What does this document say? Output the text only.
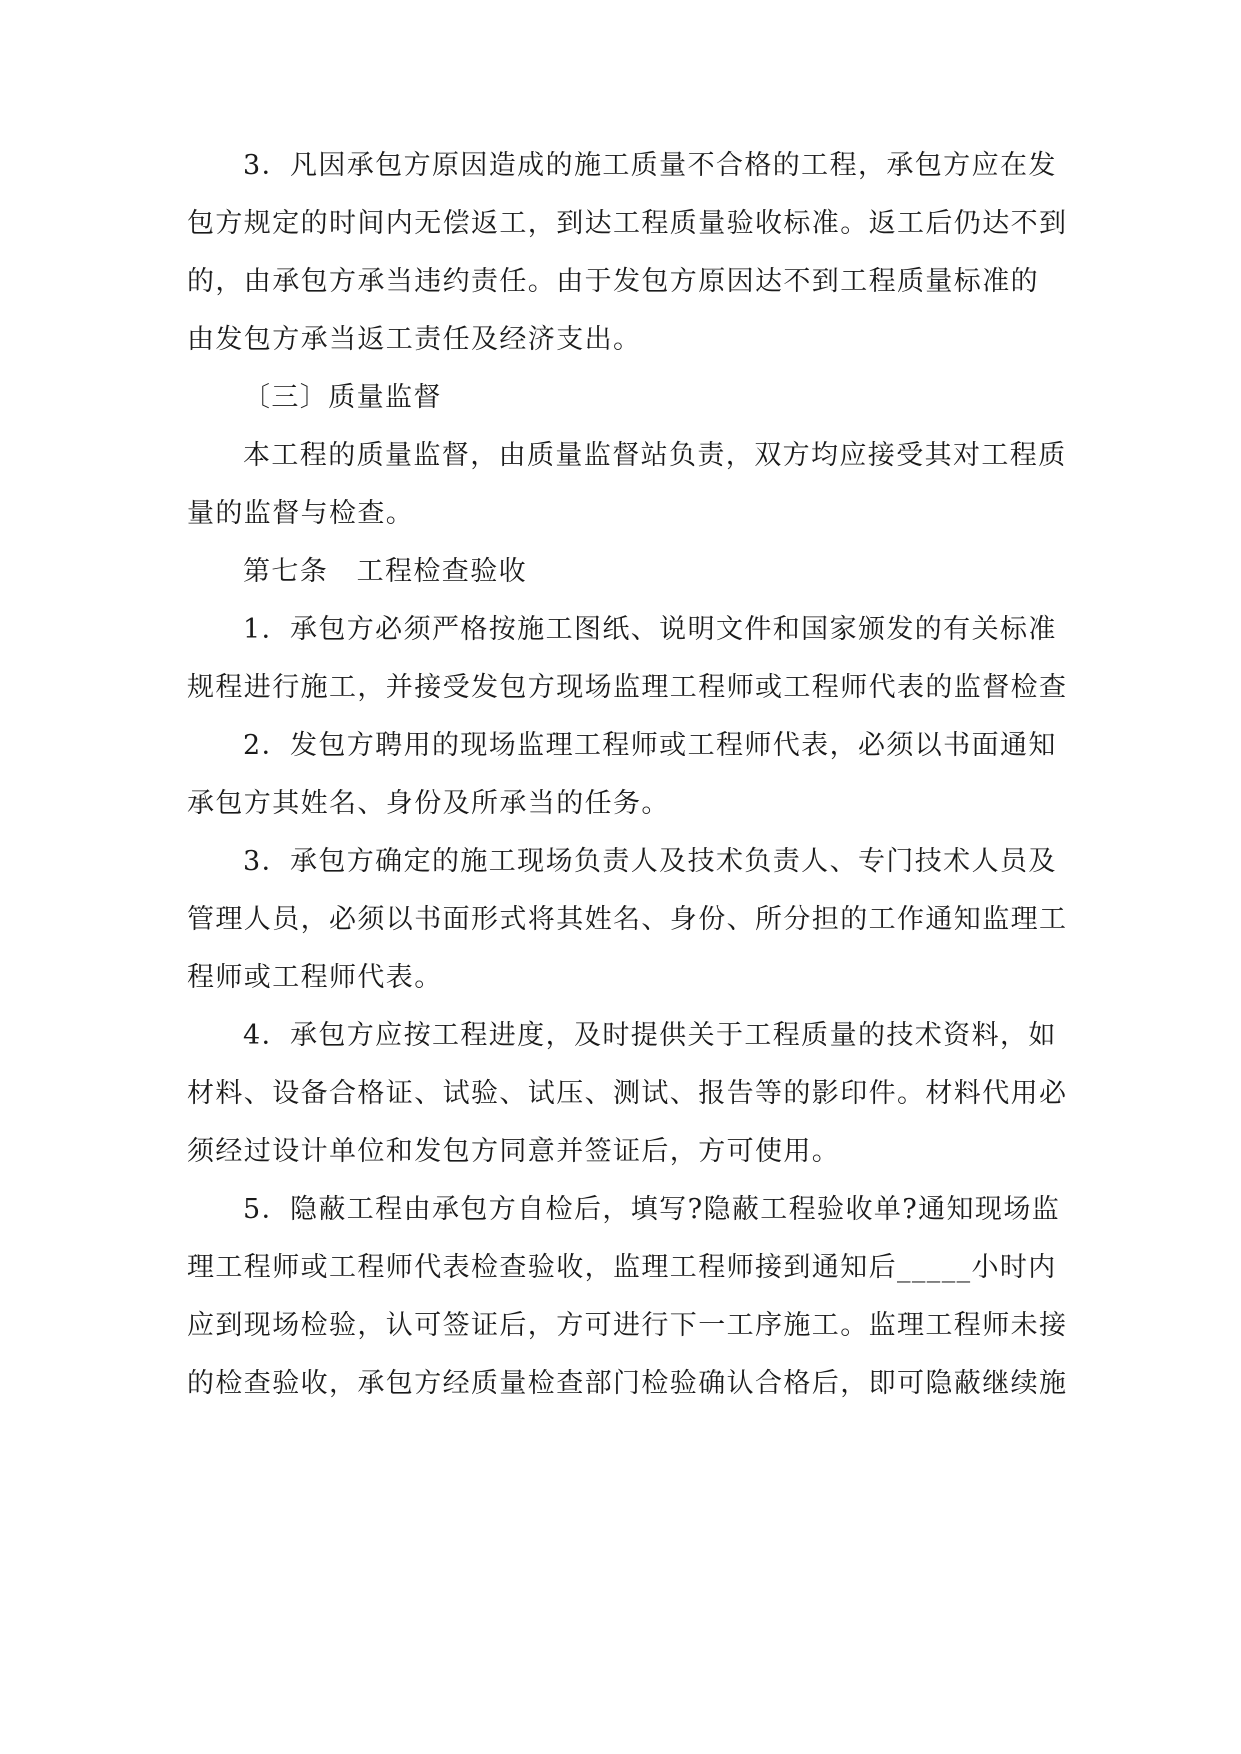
3．凡因承包方原因造成的施工质量不合格的工程，承包方应在发
包方规定的时间内无偿返工，到达工程质量验收标准。返工后仍达不到
的，由承包方承当违约责任。由于发包方原因达不到工程质量标准的
由发包方承当返工责任及经济支出。
〔三〕质量监督
本工程的质量监督，由质量监督站负责，双方均应接受其对工程质
量的监督与检查。
第七条　工程检查验收
1．承包方必须严格按施工图纸、说明文件和国家颁发的有关标准
规程进行施工，并接受发包方现场监理工程师或工程师代表的监督检查
2．发包方聘用的现场监理工程师或工程师代表，必须以书面通知
承包方其姓名、身份及所承当的任务。
3．承包方确定的施工现场负责人及技术负责人、专门技术人员及
管理人员，必须以书面形式将其姓名、身份、所分担的工作通知监理工
程师或工程师代表。
4．承包方应按工程进度，及时提供关于工程质量的技术资料，如
材料、设备合格证、试验、试压、测试、报告等的影印件。材料代用必
须经过设计单位和发包方同意并签证后，方可使用。
5．隐蔽工程由承包方自检后，填写?隐蔽工程验收单?通知现场监
理工程师或工程师代表检查验收，监理工程师接到通知后_____小时内
应到现场检验，认可签证后，方可进行下一工序施工。监理工程师未接
的检查验收，承包方经质量检查部门检验确认合格后，即可隐蔽继续施
